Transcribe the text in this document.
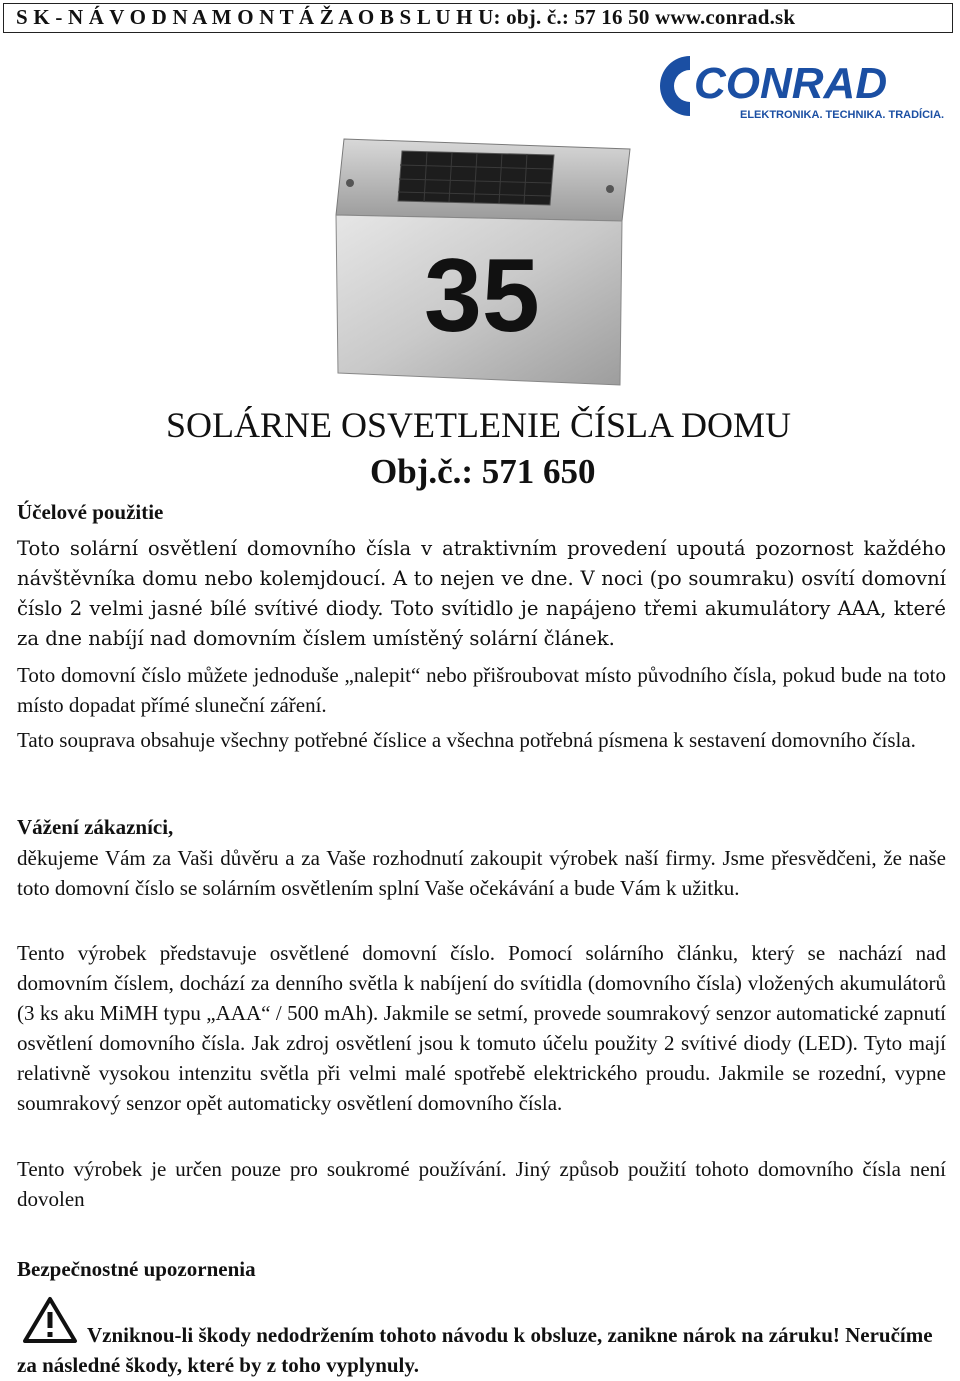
S K - N Á V O D N A M O N T Á Ž A O B S L U H U: obj. č.: 57 16 50 www.conrad.sk
CONRAD
ELEKTRONIKA. TECHNIKA. TRADÍCIA.
35
SOLÁRNE OSVETLENIE ČÍSLA DOMU
Obj.č.: 571 650
Účelové použitie
Toto solární osvětlení domovního čísla v atraktivním provedení upoutá pozornost každého návštěvníka domu nebo kolemjdoucí. A to nejen ve dne. V noci (po soumraku) osvítí domovní číslo 2 velmi jasné bílé svítivé diody. Toto svítidlo je napájeno třemi akumulátory AAA, které za dne nabíjí nad domovním číslem umístěný solární článek.
Toto domovní číslo můžete jednoduše „nalepit“ nebo přišroubovat místo původního čísla, pokud bude na toto místo dopadat přímé sluneční záření.
Tato souprava obsahuje všechny potřebné číslice a všechna potřebná písmena k sestavení domovního čísla.
Vážení zákazníci,
děkujeme Vám za Vaši důvěru a za Vaše rozhodnutí zakoupit výrobek naší firmy. Jsme přesvědčeni, že naše toto domovní číslo se solárním osvětlením splní Vaše očekávání a bude Vám k užitku.
Tento výrobek představuje osvětlené domovní číslo. Pomocí solárního článku, který se nachází nad domovním číslem, dochází za denního světla k nabíjení do svítidla (domovního čísla) vložených akumulátorů (3 ks aku MiMH typu „AAA“ / 500 mAh). Jakmile se setmí, provede soumrakový senzor automatické zapnutí osvětlení domovního čísla. Jak zdroj osvětlení jsou k tomuto účelu použity 2 svítivé diody (LED). Tyto mají relativně vysokou intenzitu světla při velmi malé spotřebě elektrického proudu. Jakmile se rozední, vypne soumrakový senzor opět automaticky osvětlení domovního čísla.
Tento výrobek je určen pouze pro soukromé používání. Jiný způsob použití tohoto domovního čísla není dovolen
Bezpečnostné upozornenia
Vzniknou-li škody nedodržením tohoto návodu k obsluze, zanikne nárok na záruku! Neručíme za následné škody, které by z toho vyplynuly.
